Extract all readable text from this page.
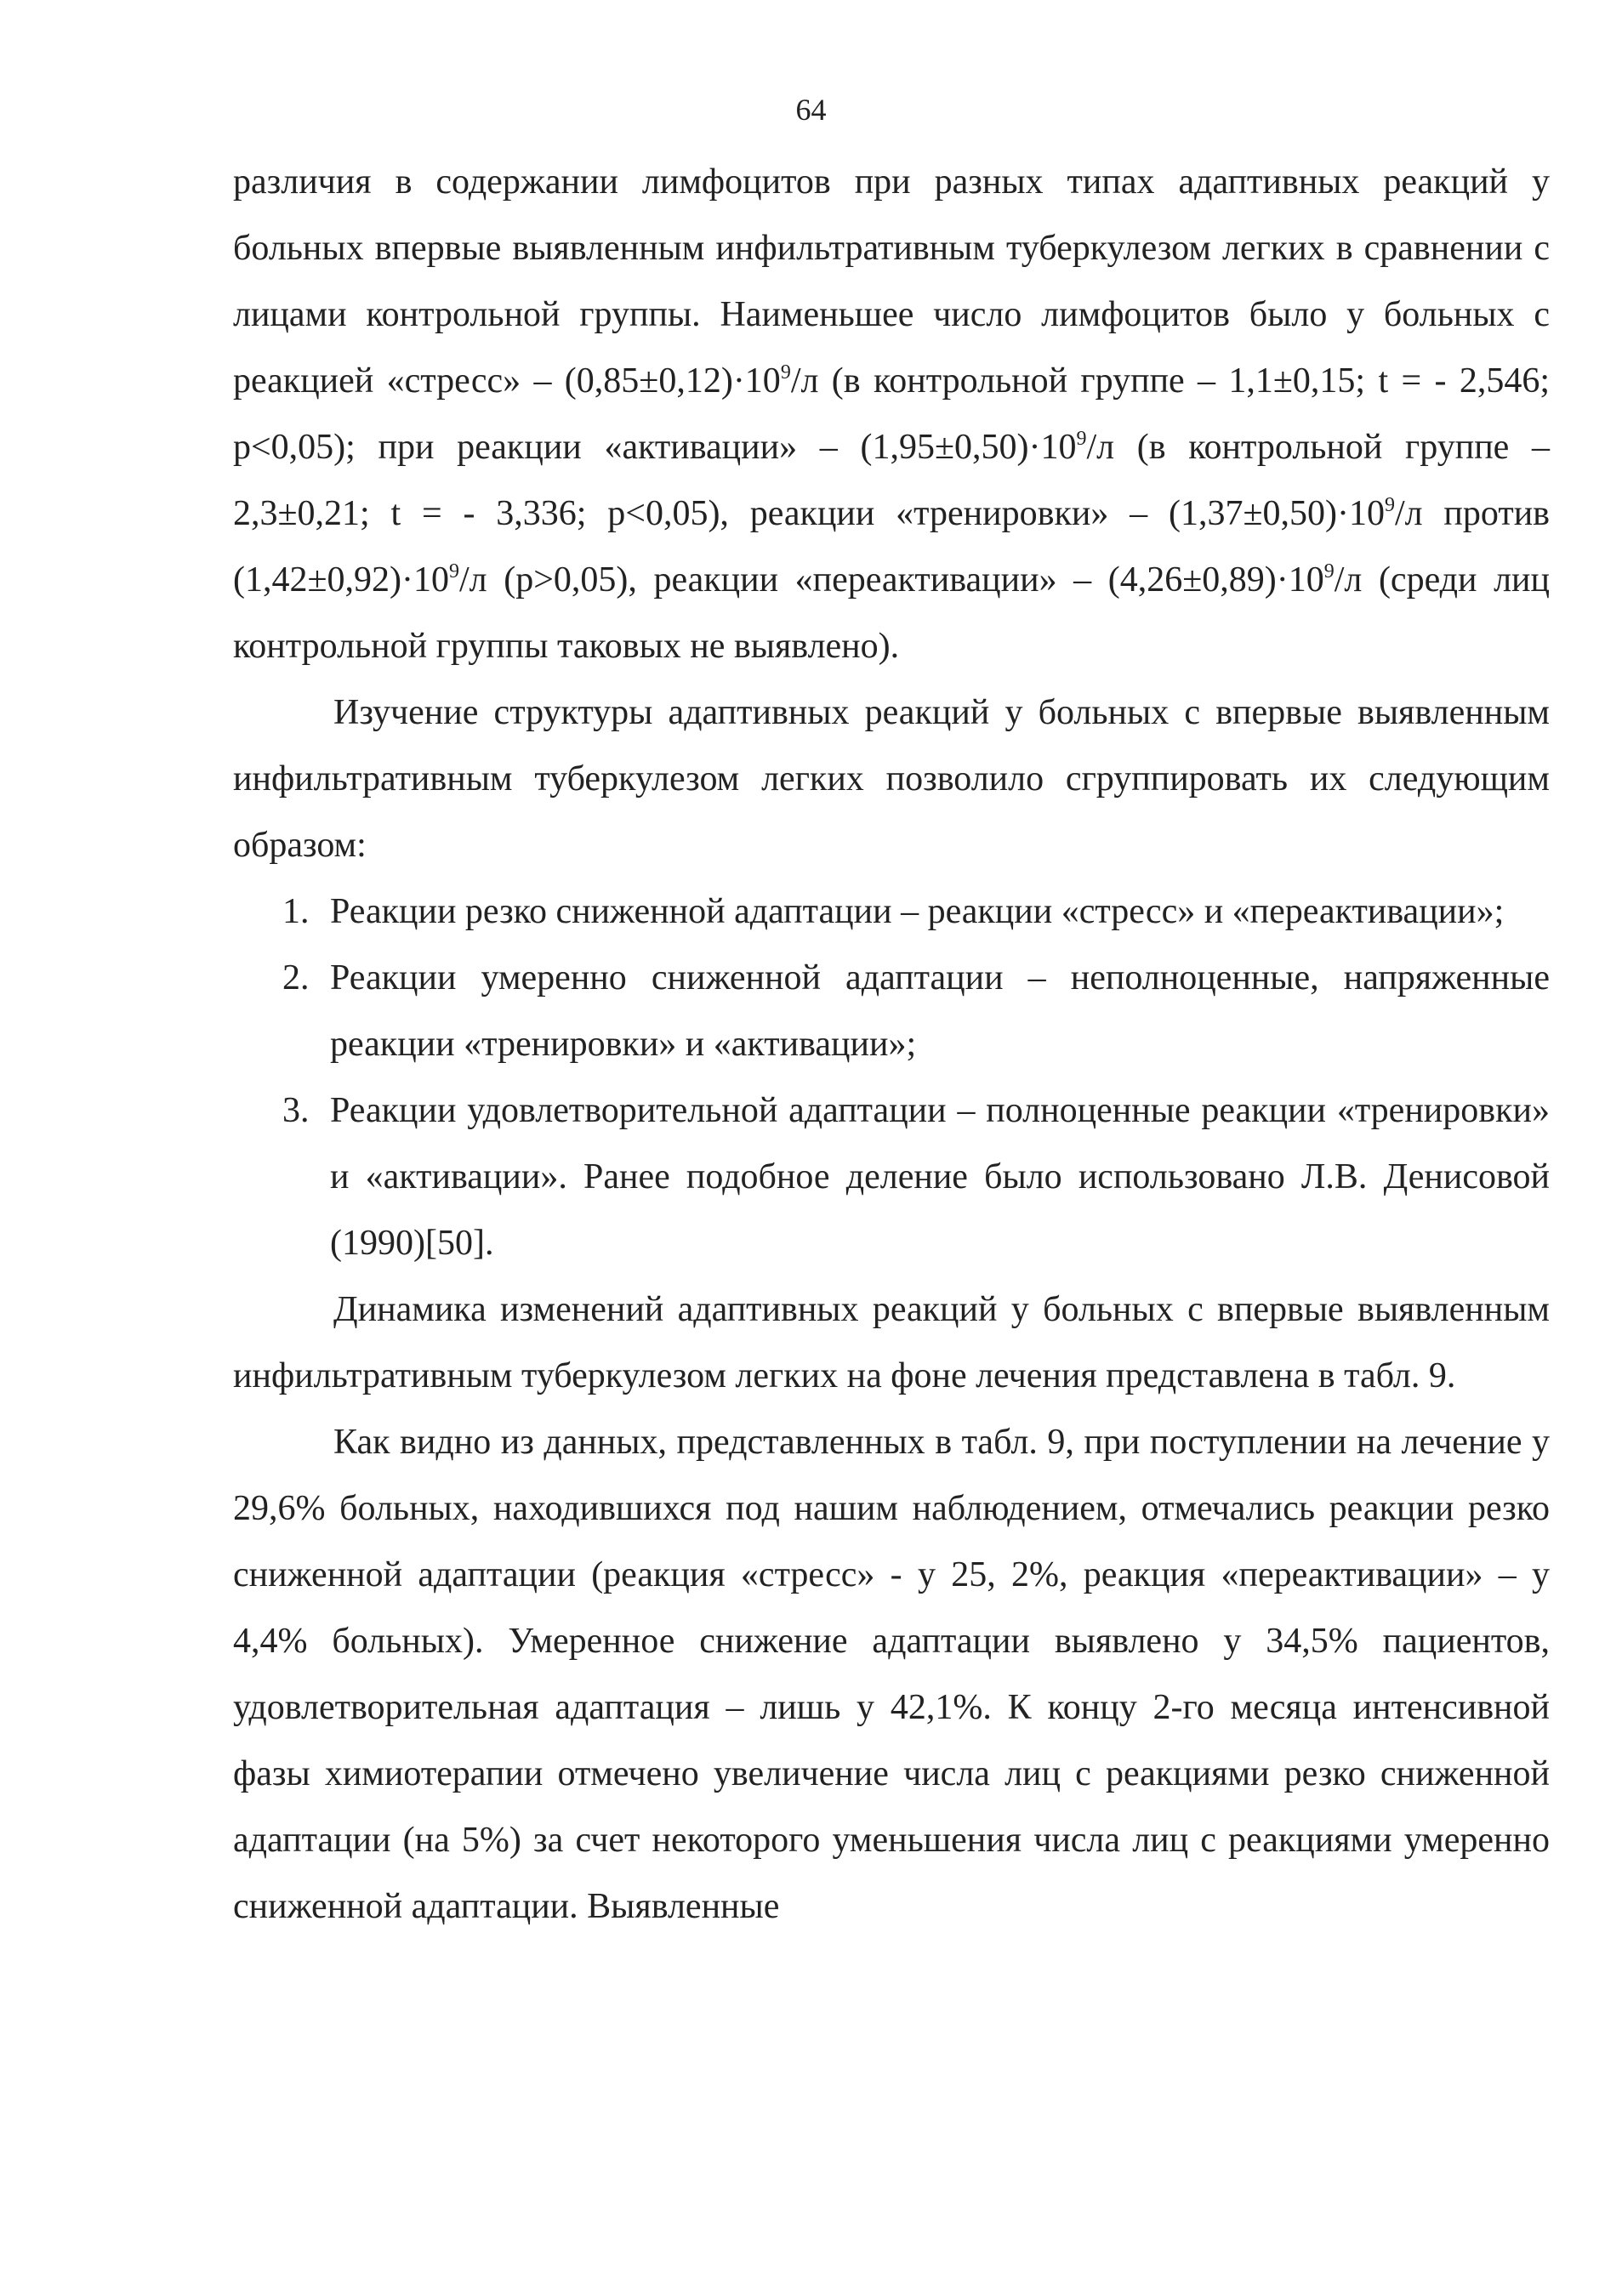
64

различия в содержании лимфоцитов при разных типах адаптивных реакций у больных впервые выявленным инфильтративным туберкулезом легких в сравнении с лицами контрольной группы. Наименьшее число лимфоцитов было у больных с реакцией «стресс» – $(0,85\pm 0,12)\cdot 10^9/л$ (в контрольной группе – 1,1±0,15; t = - 2,546; p<0,05); при реакции «активации» – $(1,95\pm 0,50)\cdot 10^9/л$ (в контрольной группе – 2,3±0,21; t = - 3,336; p<0,05), реакции «тренировки» – $(1,37\pm 0,50)\cdot 10^9/л$ против $(1,42\pm 0,92)\cdot 10^9/л$ (p>0,05), реакции «переактивации» – $(4,26\pm 0,89)\cdot 10^9/л$ (среди лиц контрольной группы таковых не выявлено).

Изучение структуры адаптивных реакций у больных с впервые выявленным инфильтративным туберкулезом легких позволило сгруппировать их следующим образом:

1. Реакции резко сниженной адаптации – реакции «стресс» и «переактивации»;
2. Реакции умеренно сниженной адаптации – неполноценные, напряженные реакции «тренировки» и «активации»;
3. Реакции удовлетворительной адаптации – полноценные реакции «тренировки» и «активации». Ранее подобное деление было использовано Л.В. Денисовой (1990)[50].

Динамика изменений адаптивных реакций у больных с впервые выявленным инфильтративным туберкулезом легких на фоне лечения представлена в табл. 9.

Как видно из данных, представленных в табл. 9, при поступлении на лечение у 29,6% больных, находившихся под нашим наблюдением, отмечались реакции резко сниженной адаптации (реакция «стресс» - у 25, 2%, реакция «переактивации» – у 4,4% больных). Умеренное снижение адаптации выявлено у 34,5% пациентов, удовлетворительная адаптация – лишь у 42,1%. К концу 2-го месяца интенсивной фазы химиотерапии отмечено увеличение числа лиц с реакциями резко сниженной адаптации (на 5%) за счет некоторого уменьшения числа лиц с реакциями умеренно сниженной адаптации. Выявленные
